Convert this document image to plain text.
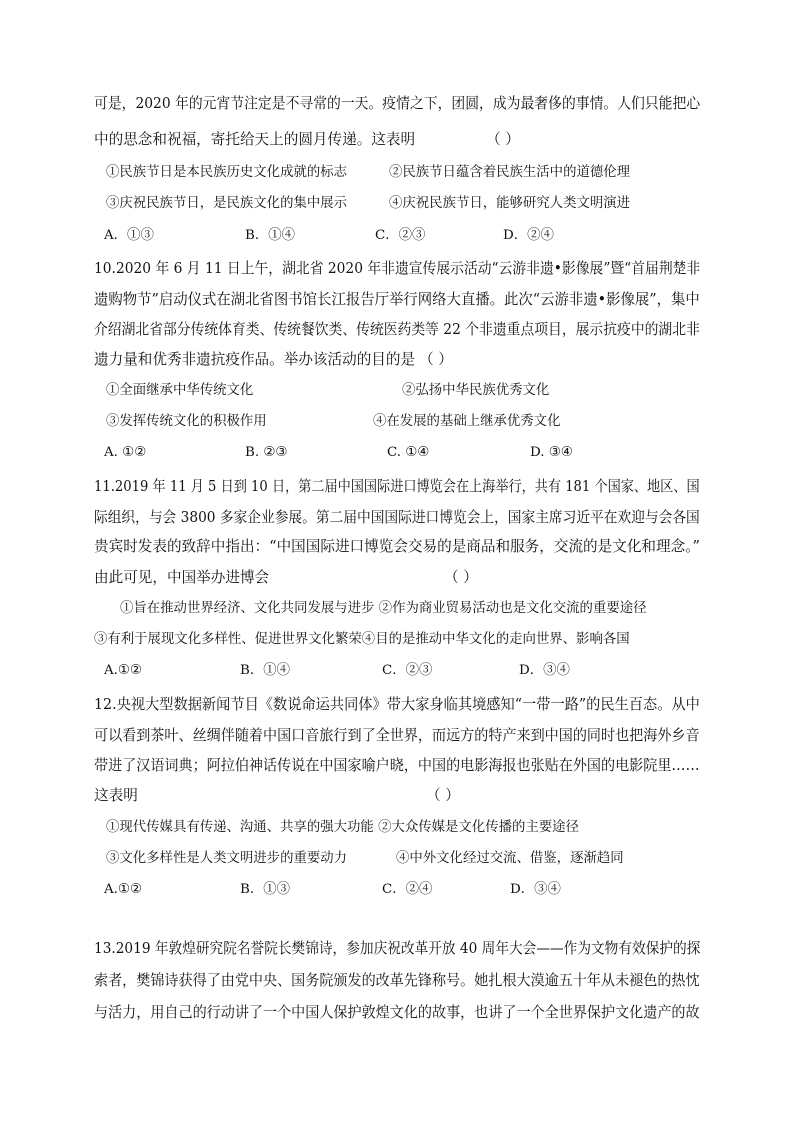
可是，2020 年的元宵节注定是不寻常的一天。疫情之下，团圆，成为最奢侈的事情。人们只能把心
中的思念和祝福，寄托给天上的圆月传递。这表明	（ ）
①民族节日是本民族历史文化成就的标志	②民族节日蕴含着民族生活中的道德伦理
③庆祝民族节日，是民族文化的集中展示	④庆祝民族节日，能够研究人类文明演进
A．①③	B．①④	C．②③	D．②④
10.2020 年 6 月 11 日上午，湖北省 2020 年非遗宣传展示活动“云游非遗•影像展”暨“首届荆楚非
遗购物节”启动仪式在湖北省图书馆长江报告厅举行网络大直播。此次“云游非遗•影像展”，集中
介绍湖北省部分传统体育类、传统餐饮类、传统医药类等 22 个非遗重点项目，展示抗疫中的湖北非
遗力量和优秀非遗抗疫作品。举办该活动的目的是 （ ）
①全面继承中华传统文化	②弘扬中华民族优秀文化
③发挥传统文化的积极作用	④在发展的基础上继承优秀文化
A. ①②	B. ②③	C. ①④	D. ③④
11.2019 年 11 月 5 日到 10 日，第二届中国国际进口博览会在上海举行，共有 181 个国家、地区、国
际组织，与会 3800 多家企业参展。第二届中国国际进口博览会上，国家主席习近平在欢迎与会各国
贵宾时发表的致辞中指出：“中国国际进口博览会交易的是商品和服务，交流的是文化和理念。”
由此可见，中国举办进博会	（ ）
①旨在推动世界经济、文化共同发展与进步 ②作为商业贸易活动也是文化交流的重要途径
③有利于展现文化多样性、促进世界文化繁荣④目的是推动中华文化的走向世界、影响各国
A.①②	B．①④	C．②③	D．③④
12.央视大型数据新闻节目《数说命运共同体》带大家身临其境感知“一带一路”的民生百态。从中
可以看到茶叶、丝绸伴随着中国口音旅行到了全世界，而远方的特产来到中国的同时也把海外乡音
带进了汉语词典；阿拉伯神话传说在中国家喻户晓，中国的电影海报也张贴在外国的电影院里……
这表明	（ ）
①现代传媒具有传递、沟通、共享的强大功能 ②大众传媒是文化传播的主要途径
③文化多样性是人类文明进步的重要动力	④中外文化经过交流、借鉴，逐渐趋同
A.①②	B．①③	C．②④	D．③④
13.2019 年敦煌研究院名誉院长樊锦诗，参加庆祝改革开放 40 周年大会——作为文物有效保护的探
索者，樊锦诗获得了由党中央、国务院颁发的改革先锋称号。她扎根大漠逾五十年从未褪色的热忱
与活力，用自己的行动讲了一个中国人保护敦煌文化的故事，也讲了一个全世界保护文化遗产的故
